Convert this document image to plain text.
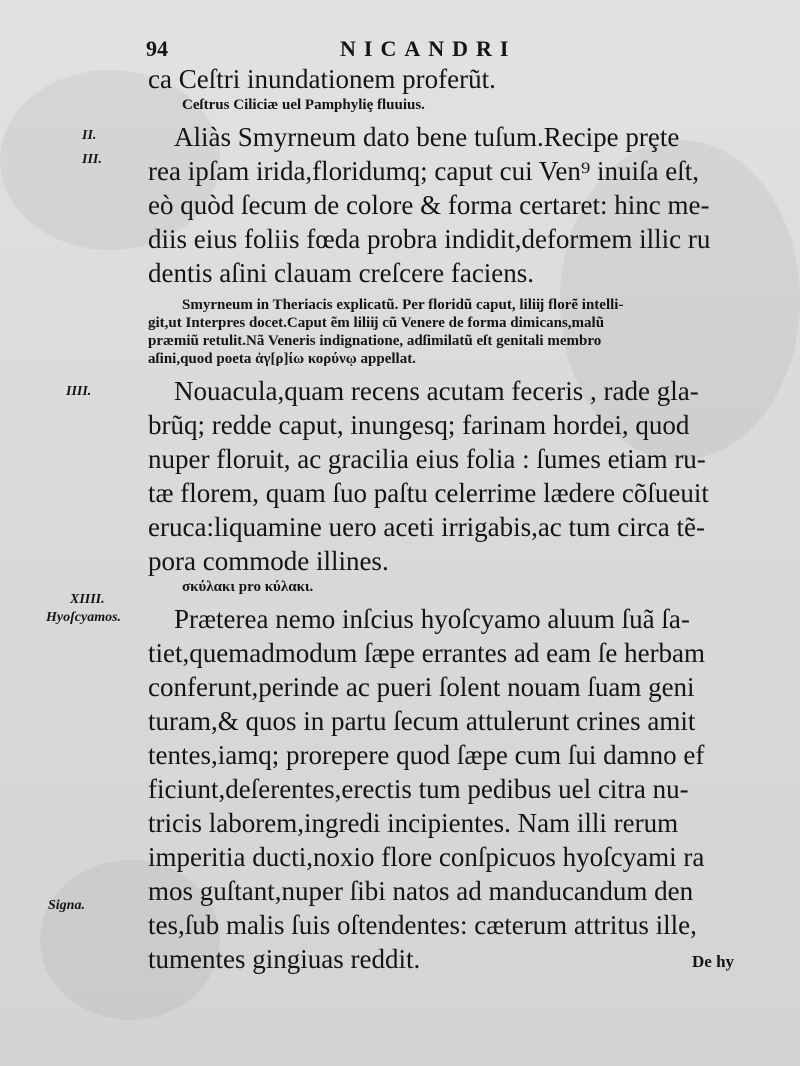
94	NICANDRI
II.
III.
IIII.
XIIII.
Hyoſcyamos.
Signa.
ca Ceſtri inundationem proferũt.
Ceſtrus Ciliciæ uel Pamphyliȩ fluuius.
Aliàs Smyrneum dato bene tuſum.Recipe prȩte
rea ipſam irida,floridumq; caput cui Ven⁹ inuiſa eſt,
eò quòd ſecum de colore & forma certaret: hinc me-
diis eius foliis fœda probra indidit,deformem illic ru
dentis aſini clauam creſcere faciens.
Smyrneum in Theriacis explicatũ. Per floridũ caput, liliĳ florẽ intelli-
git,ut Interpres docet.Caput ẽm liliĳ cũ Venere de forma dimicans,malũ
præmiũ retulit.Nã Veneris indignatione, adſimilatũ eſt genitali membro
aſini,quod poeta ἀγ[ρ]ίω κορύνῳ appellat.
Nouacula,quam recens acutam feceris , rade gla-
brũq; redde caput, inungesq; farinam hordei, quod
nuper floruit, ac gracilia eius folia : ſumes etiam ru-
tæ florem, quam ſuo paſtu celerrime lædere cõſueuit
eruca:liquamine uero aceti irrigabis,ac tum circa tẽ-
pora commode illines.
σκύλακι pro κύλακι.
Præterea nemo inſcius hyoſcyamo aluum ſuã ſa-
tiet,quemadmodum ſæpe errantes ad eam ſe herbam
conferunt,perinde ac pueri ſolent nouam ſuam geni
turam,& quos in partu ſecum attulerunt crines amit
tentes,iamq; prorepere quod ſæpe cum ſui damno ef
ficiunt,deſerentes,erectis tum pedibus uel citra nu-
tricis laborem,ingredi incipientes. Nam illi rerum
imperitia ducti,noxio flore conſpicuos hyoſcyami ra
mos guſtant,nuper ſibi natos ad manducandum den
tes,ſub malis ſuis oſtendentes: cæterum attritus ille,
tumentes gingiuas reddit.	De hy
